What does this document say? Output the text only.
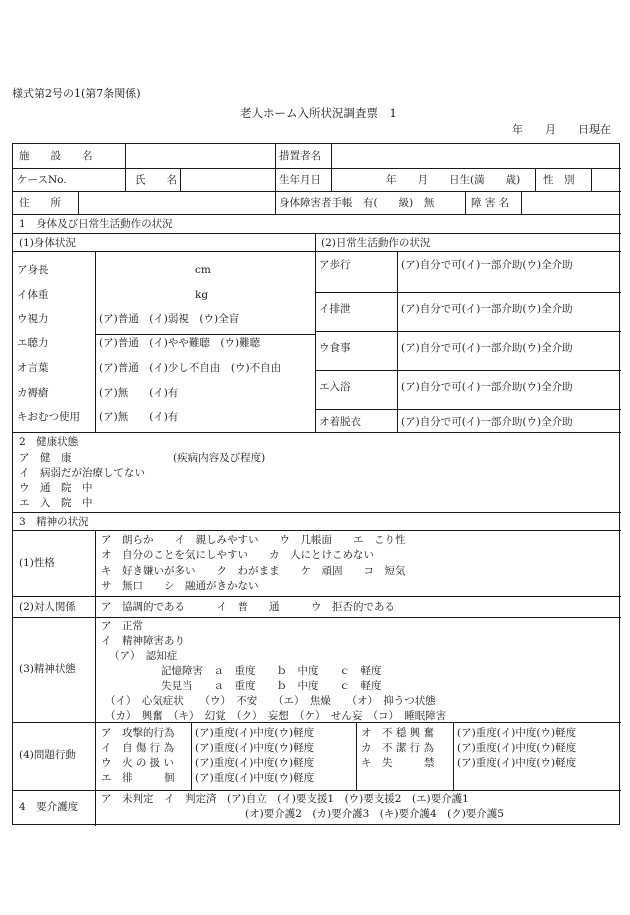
様式第2号の1(第7条関係)
老人ホーム入所状況調査票　1
年　　月　　日現在
施　　設　　名	措置者名
ケースNo.	氏　　名	生年月日	年　　月　　日生(満　　歳) 性　別
住　　所	身体障害者手帳　有(　　級)　無	障 害 名
1　身体及び日常生活動作の状況
(1)身体状況	(2)日常生活動作の状況
ア身長	cm
イ体重	kg
ウ視力	(ア)普通　(イ)弱視　(ウ)全盲
エ聴力	(ア)普通　(イ)やや難聴　(ウ)難聴
オ言葉	(ア)普通　(イ)少し不自由　(ウ)不自由
カ褥瘡	(ア)無　　(イ)有
キおむつ使用 (ア)無　　(イ)有
ア歩行	(ア)自分で可(イ)一部介助(ウ)全介助
イ排泄	(ア)自分で可(イ)一部介助(ウ)全介助
ウ食事	(ア)自分で可(イ)一部介助(ウ)全介助
エ入浴	(ア)自分で可(イ)一部介助(ウ)全介助
オ着脱衣	(ア)自分で可(イ)一部介助(ウ)全介助
2　健康状態
ア　健　康	(疾病内容及び程度)
イ　病弱だが治療してない
ウ　通　院　中
エ　入　院　中
3　精神の状況
(1)性格
ア　朗らか　　イ　親しみやすい　　ウ　几帳面　　エ　こり性
オ　自分のことを気にしやすい　　カ　人にとけこめない
キ　好き嫌いが多い　　ク　わがまま　　ケ　頑固　　コ　短気
サ　無口　　シ　融通がきかない
(2)対人関係 ア　協調的である　　　イ　普　　通　　　ウ　拒否的である
(3)精神状態
ア　正常
イ　精神障害あり
（ア）　認知症
記憶障害　ａ　重度　　ｂ　中度　　ｃ　軽度
失見当　　ａ　重度　　ｂ　中度　　ｃ　軽度
（イ）　心気症状　　（ウ）　不安　　（エ）　焦燥　　（オ）　抑うつ状態
（カ）　興奮　（キ）　幻覚　（ク）　妄想　（ケ）　せん妄　（コ）　睡眠障害
(4)問題行動
ア　攻撃的行為 (ア)重度(イ)中度(ウ)軽度
イ　自 傷 行 為 (ア)重度(イ)中度(ウ)軽度
ウ　火 の 扱 い (ア)重度(イ)中度(ウ)軽度
エ　徘　　　徊 (ア)重度(イ)中度(ウ)軽度
オ　不 穏 興 奮 (ア)重度(イ)中度(ウ)軽度
カ　不 潔 行 為 (ア)重度(イ)中度(ウ)軽度
キ　失　　　禁 (ア)重度(イ)中度(ウ)軽度
4　要介護度
ア　未判定　イ　判定済　(ア)自立　(イ)要支援1　(ウ)要支援2　(エ)要介護1
(オ)要介護2　(カ)要介護3　(キ)要介護4　(ク)要介護5
